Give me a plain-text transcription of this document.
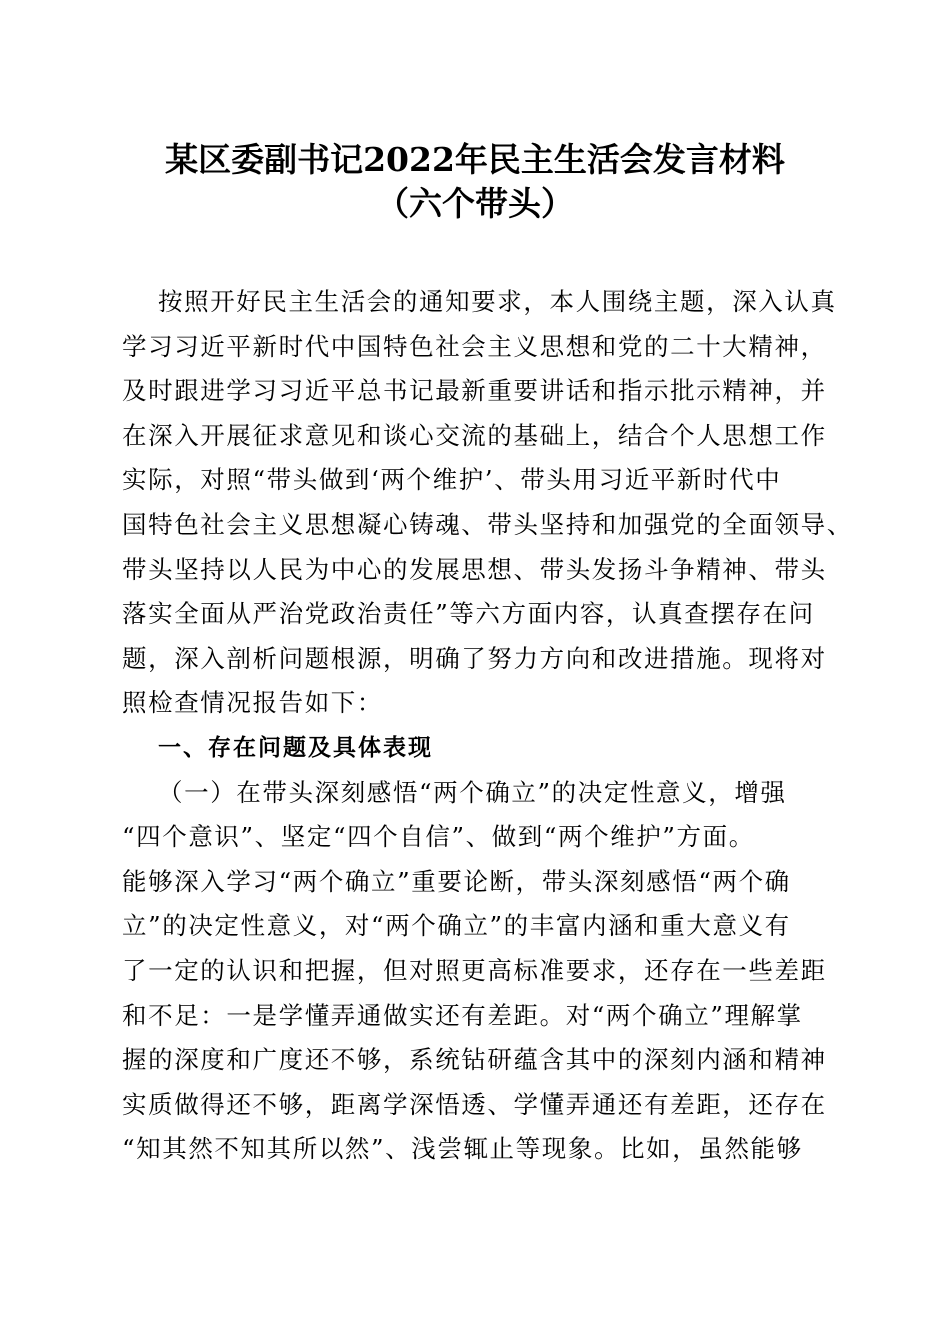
某区委副书记2022年民主生活会发言材料
（六个带头）
按照开好民主生活会的通知要求，本人围绕主题，深入认真
学习习近平新时代中国特色社会主义思想和党的二十大精神，
及时跟进学习习近平总书记最新重要讲话和指示批示精神，并
在深入开展征求意见和谈心交流的基础上，结合个人思想工作
实际，对照“带头做到‘两个维护’、带头用习近平新时代中
国特色社会主义思想凝心铸魂、带头坚持和加强党的全面领导、
带头坚持以人民为中心的发展思想、带头发扬斗争精神、带头
落实全面从严治党政治责任”等六方面内容，认真查摆存在问
题，深入剖析问题根源，明确了努力方向和改进措施。现将对
照检查情况报告如下：
一、存在问题及具体表现
（一）在带头深刻感悟“两个确立”的决定性意义，增强
“四个意识”、坚定“四个自信”、做到“两个维护”方面。
能够深入学习“两个确立”重要论断，带头深刻感悟“两个确
立”的决定性意义，对“两个确立”的丰富内涵和重大意义有
了一定的认识和把握，但对照更高标准要求，还存在一些差距
和不足：一是学懂弄通做实还有差距。对“两个确立”理解掌
握的深度和广度还不够，系统钻研蕴含其中的深刻内涵和精神
实质做得还不够，距离学深悟透、学懂弄通还有差距，还存在
“知其然不知其所以然”、浅尝辄止等现象。比如，虽然能够
